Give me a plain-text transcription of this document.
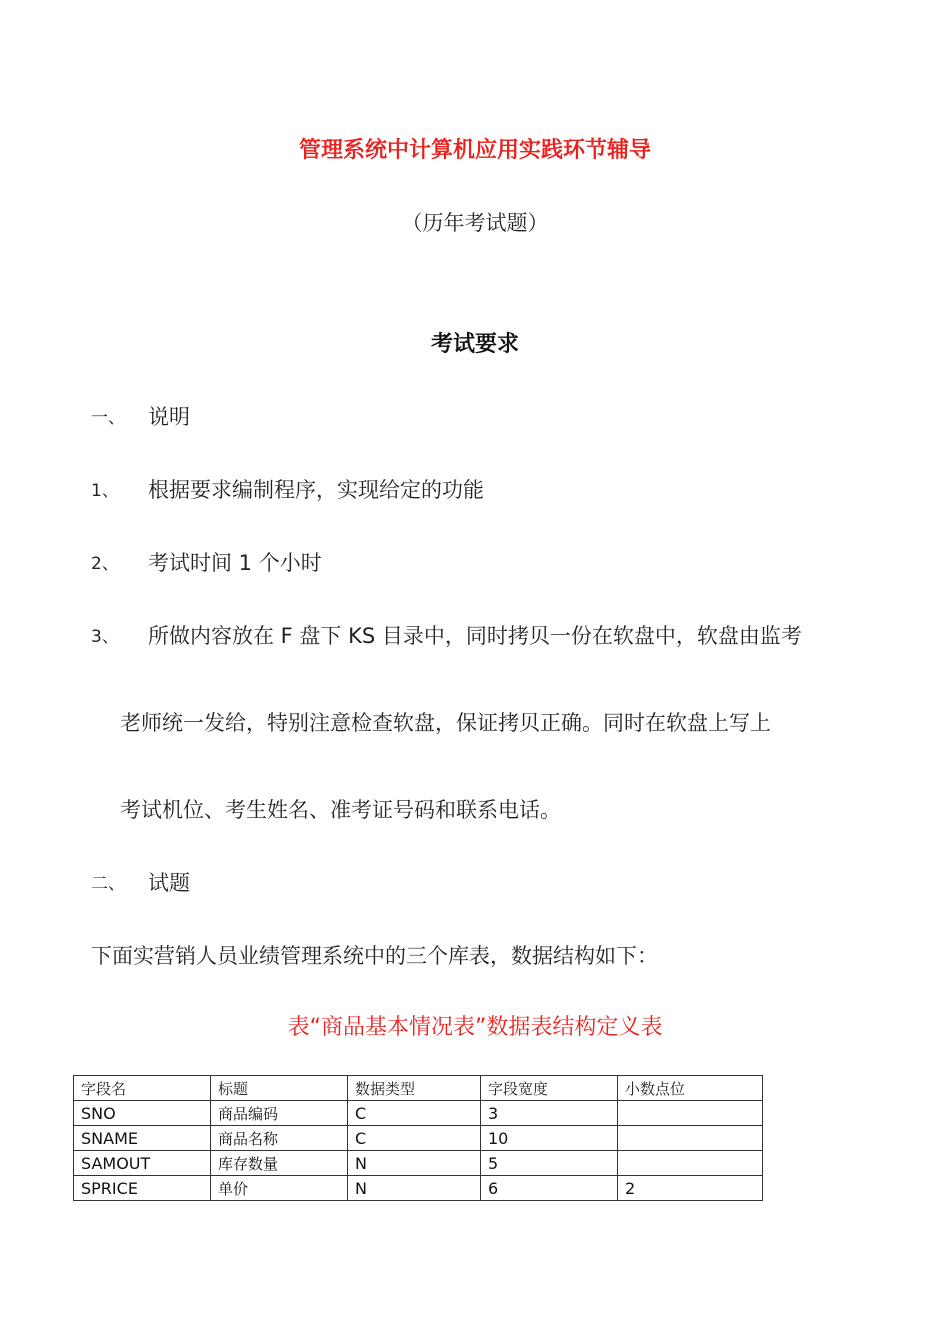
管理系统中计算机应用实践环节辅导
（历年考试题）
考试要求
一、 说明
1、 根据要求编制程序，实现给定的功能
2、 考试时间 1 个小时
3、 所做内容放在 F 盘下 KS 目录中，同时拷贝一份在软盘中，软盘由监考
老师统一发给，特别注意检查软盘，保证拷贝正确。同时在软盘上写上
考试机位、考生姓名、准考证号码和联系电话。
二、 试题
下面实营销人员业绩管理系统中的三个库表，数据结构如下：
表“商品基本情况表”数据表结构定义表
字段名	标题	数据类型	字段宽度	小数点位
SNO	商品编码	C	3	
SNAME	商品名称	C	10	
SAMOUT	库存数量	N	5	
SPRICE	单价	N	6	2
